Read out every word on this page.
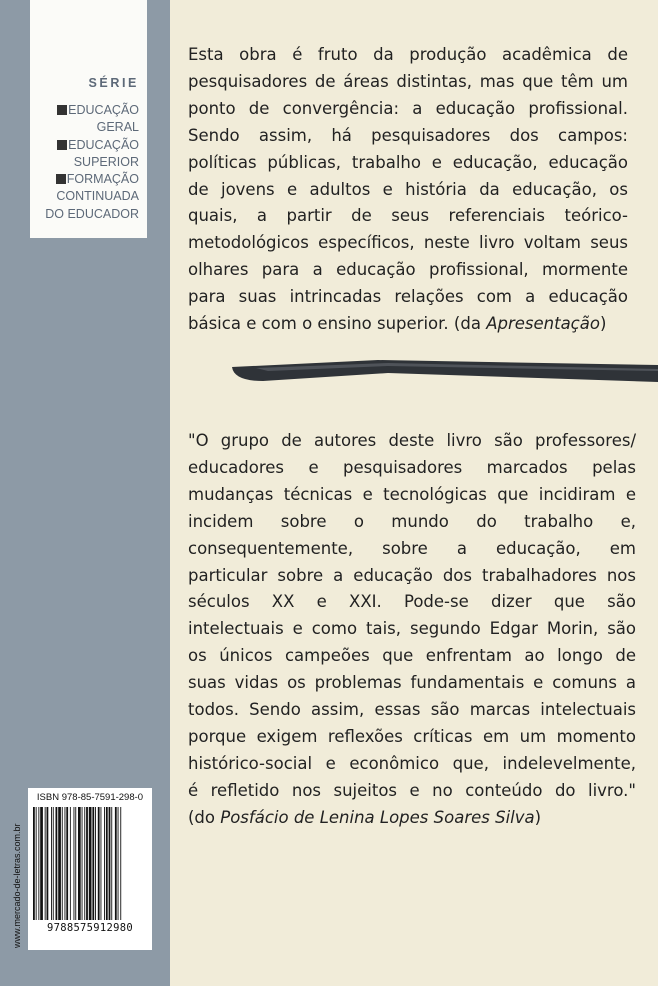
SÉRIE
EDUCAÇÃO
GERAL
EDUCAÇÃO
SUPERIOR
FORMAÇÃO
CONTINUADA
DO EDUCADOR
Esta obra é fruto da produção acadêmica de
pesquisadores de áreas distintas, mas que têm um
ponto de convergência: a educação profissional.
Sendo assim, há pesquisadores dos campos:
políticas públicas, trabalho e educação, educação
de jovens e adultos e história da educação, os
quais, a partir de seus referenciais teórico-
metodológicos específicos, neste livro voltam seus
olhares para a educação profissional, mormente
para suas intrincadas relações com a educação
básica e com o ensino superior. (da Apresentação)
"O grupo de autores deste livro são professores/
educadores e pesquisadores marcados pelas
mudanças técnicas e tecnológicas que incidiram e
incidem sobre o mundo do trabalho e,
consequentemente, sobre a educação, em
particular sobre a educação dos trabalhadores nos
séculos XX e XXI. Pode-se dizer que são
intelectuais e como tais, segundo Edgar Morin, são
os únicos campeões que enfrentam ao longo de
suas vidas os problemas fundamentais e comuns a
todos. Sendo assim, essas são marcas intelectuais
porque exigem reflexões críticas em um momento
histórico-social e econômico que, indelevelmente,
é refletido nos sujeitos e no conteúdo do livro."
(do Posfácio de Lenina Lopes Soares Silva)
ISBN 978-85-7591-298-0
9788575912980
www.mercado-de-letras.com.br
